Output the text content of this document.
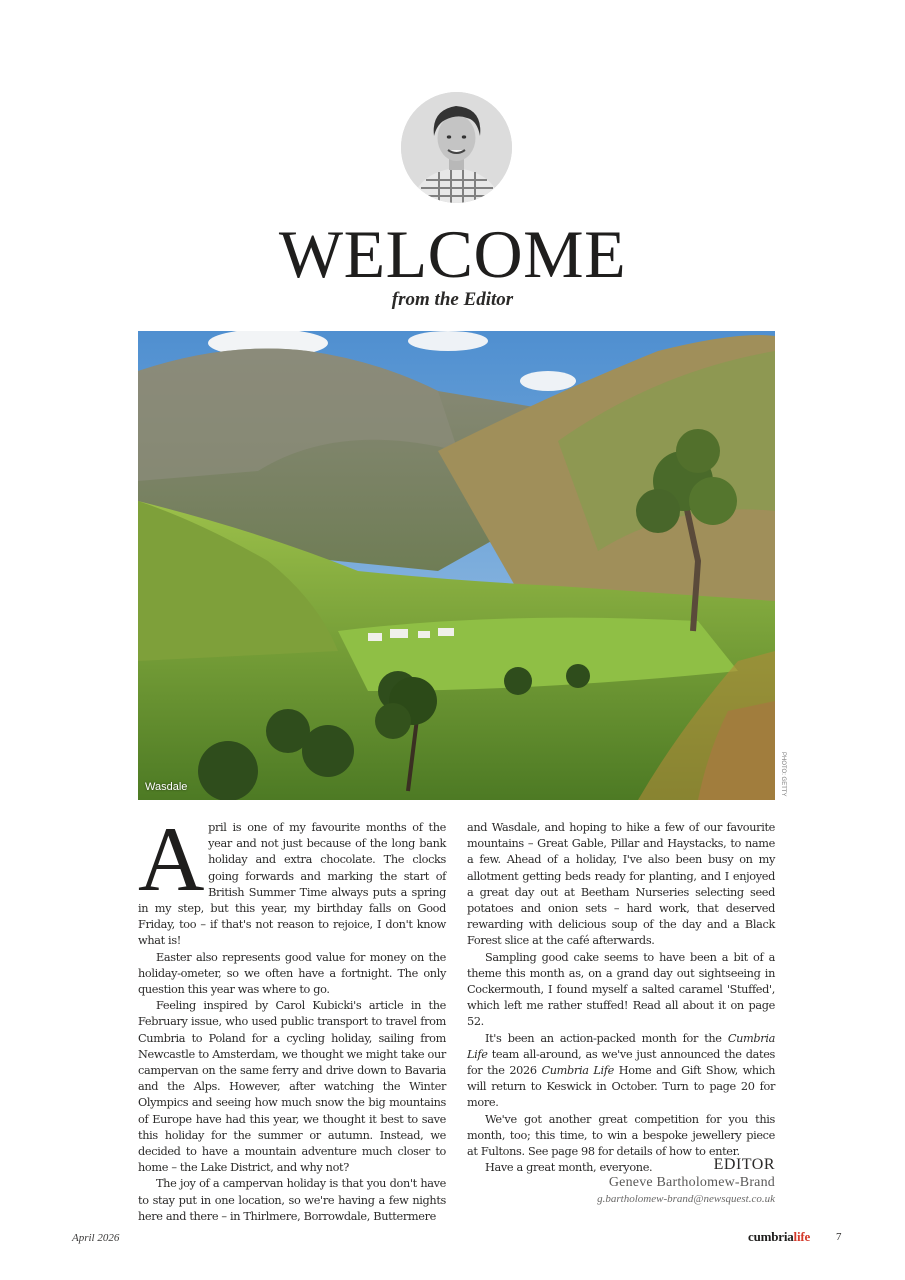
WELCOME
from the Editor
Wasdale	PHOTO: GETTY

April is one of my favourite months of the year and not just because of the long bank holiday and extra chocolate. The clocks going forwards and marking the start of British Summer Time always puts a spring in my step, but this year, my birthday falls on Good Friday, too – if that's not reason to rejoice, I don't know what is!

Easter also represents good value for money on the holiday-ometer, so we often have a fortnight. The only question this year was where to go.

Feeling inspired by Carol Kubicki's article in the February issue, who used public transport to travel from Cumbria to Poland for a cycling holiday, sailing from Newcastle to Amsterdam, we thought we might take our campervan on the same ferry and drive down to Bavaria and the Alps. However, after watching the Winter Olympics and seeing how much snow the big mountains of Europe have had this year, we thought it best to save this holiday for the summer or autumn. Instead, we decided to have a mountain adventure much closer to home – the Lake District, and why not?

The joy of a campervan holiday is that you don't have to stay put in one location, so we're having a few nights here and there – in Thirlmere, Borrowdale, Buttermere

and Wasdale, and hoping to hike a few of our favourite mountains – Great Gable, Pillar and Haystacks, to name a few. Ahead of a holiday, I've also been busy on my allotment getting beds ready for planting, and I enjoyed a great day out at Beetham Nurseries selecting seed potatoes and onion sets – hard work, that deserved rewarding with delicious soup of the day and a Black Forest slice at the café afterwards.

Sampling good cake seems to have been a bit of a theme this month as, on a grand day out sightseeing in Cockermouth, I found myself a salted caramel 'Stuffed', which left me rather stuffed! Read all about it on page 52.

It's been an action-packed month for the Cumbria Life team all-around, as we've just announced the dates for the 2026 Cumbria Life Home and Gift Show, which will return to Keswick in October. Turn to page 20 for more.

We've got another great competition for you this month, too; this time, to win a bespoke jewellery piece at Fultons. See page 98 for details of how to enter.

Have a great month, everyone.	EDITOR
Geneve Bartholomew-Brand
g.bartholomew-brand@newsquest.co.uk
April 2026	cumbrialife 7
